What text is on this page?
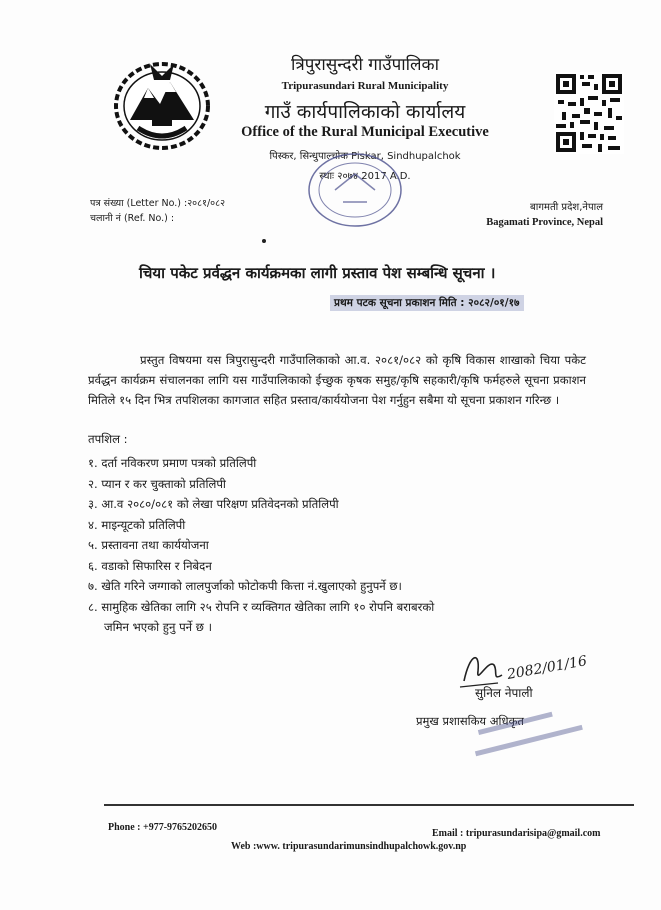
त्रिपुरासुन्दरी गाउँपालिका
Tripurasundari Rural Municipality
गाउँ कार्यपालिकाको कार्यालय
Office of the Rural Municipal Executive
पिस्कर, सिन्धुपाल्चोक Piskar, Sindhupalchok
स्थाः २०७४ 2017 A.D.
पत्र संख्या (Letter No.) :२०८१/०८२
चलानी नं (Ref. No.) :
बागमती प्रदेश,नेपाल
Bagamati Province, Nepal
चिया पकेट प्रर्वद्धन कार्यक्रमका लागी प्रस्ताव पेश सम्बन्धि सूचना ।
प्रथम पटक सूचना प्रकाशन मिति : २०८२/०१/१७

प्रस्तुत विषयमा यस त्रिपुरासुन्दरी गाउँपालिकाको आ.व. २०८१/०८२ को कृषि विकास शाखाको चिया पकेट प्रर्वद्धन कार्यक्रम संचालनका लागि यस गाउँपालिकाको ईच्छुक कृषक समुह/कृषि सहकारी/कृषि फर्महरुले सूचना प्रकाशन मितिले १५ दिन भित्र तपशिलका कागजात सहित प्रस्ताव/कार्ययोजना पेश गर्नुहुन सबैमा यो सूचना प्रकाशन गरिन्छ ।

तपशिल :
१. दर्ता नविकरण प्रमाण पत्रको प्रतिलिपी
२. प्यान र कर चुक्ताको प्रतिलिपी
३. आ.व २०८०/०८१ को लेखा परिक्षण प्रतिवेदनको प्रतिलिपी
४. माइन्यूटको प्रतिलिपी
५. प्रस्तावना तथा कार्ययोजना
६. वडाको सिफारिस र निबेदन
७. खेति गरिने जग्गाको लालपुर्जाको फोटोकपी कित्ता नं.खुलाएको हुनुपर्ने छ।
८. सामुहिक खेतिका लागि २५ रोपनि र व्यक्तिगत खेतिका लागि १० रोपनि बराबरको
जमिन भएको हुनु पर्ने छ ।
2082/01/16
सुनिल नेपाली
प्रमुख प्रशासकिय अधिकृत
Phone : +977-9765202650
Email : tripurasundarisipa@gmail.com
Web :www. tripurasundarimunsindhupalchowk.gov.np
